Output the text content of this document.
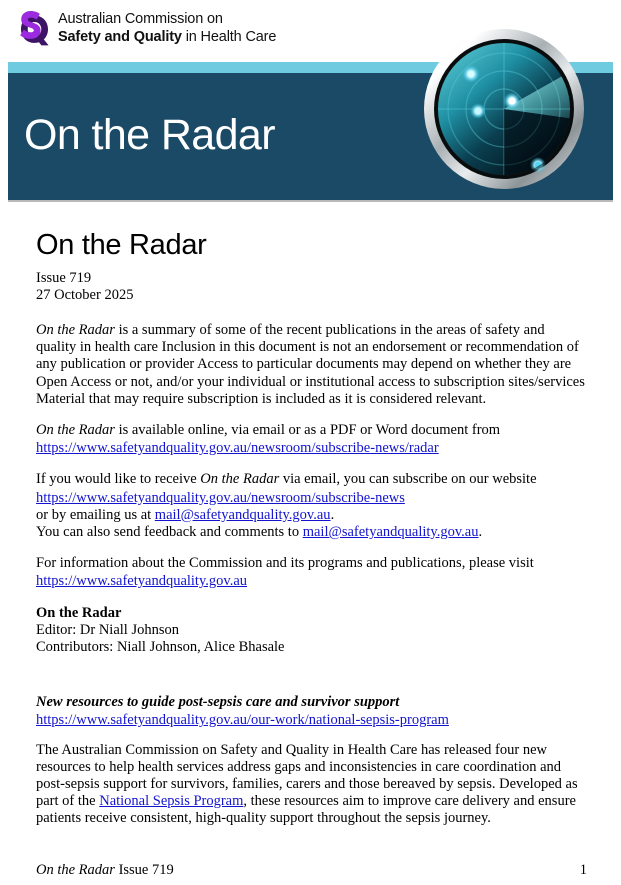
Australian Commission on
Safety and Quality in Health Care
On the Radar
On the Radar
Issue 719
27 October 2025

On the Radar is a summary of some of the recent publications in the areas of safety and quality in health care Inclusion in this document is not an endorsement or recommendation of any publication or provider Access to particular documents may depend on whether they are Open Access or not, and/or your individual or institutional access to subscription sites/services Material that may require subscription is included as it is considered relevant.

On the Radar is available online, via email or as a PDF or Word document from

https://www.safetyandquality.gov.au/newsroom/subscribe-news/radar

If you would like to receive On the Radar via email, you can subscribe on our website

https://www.safetyandquality.gov.au/newsroom/subscribe-news

or by emailing us at mail@safetyandquality.gov.au.

You can also send feedback and comments to mail@safetyandquality.gov.au.

For information about the Commission and its programs and publications, please visit

https://www.safetyandquality.gov.au

On the Radar

Editor: Dr Niall Johnson

Contributors: Niall Johnson, Alice Bhasale

New resources to guide post-sepsis care and survivor support

https://www.safetyandquality.gov.au/our-work/national-sepsis-program

The Australian Commission on Safety and Quality in Health Care has released four new resources to help health services address gaps and inconsistencies in care coordination and post-sepsis support for survivors, families, carers and those bereaved by sepsis. Developed as part of the National Sepsis Program, these resources aim to improve care delivery and ensure patients receive consistent, high-quality support throughout the sepsis journey.

On the Radar Issue 719	1
